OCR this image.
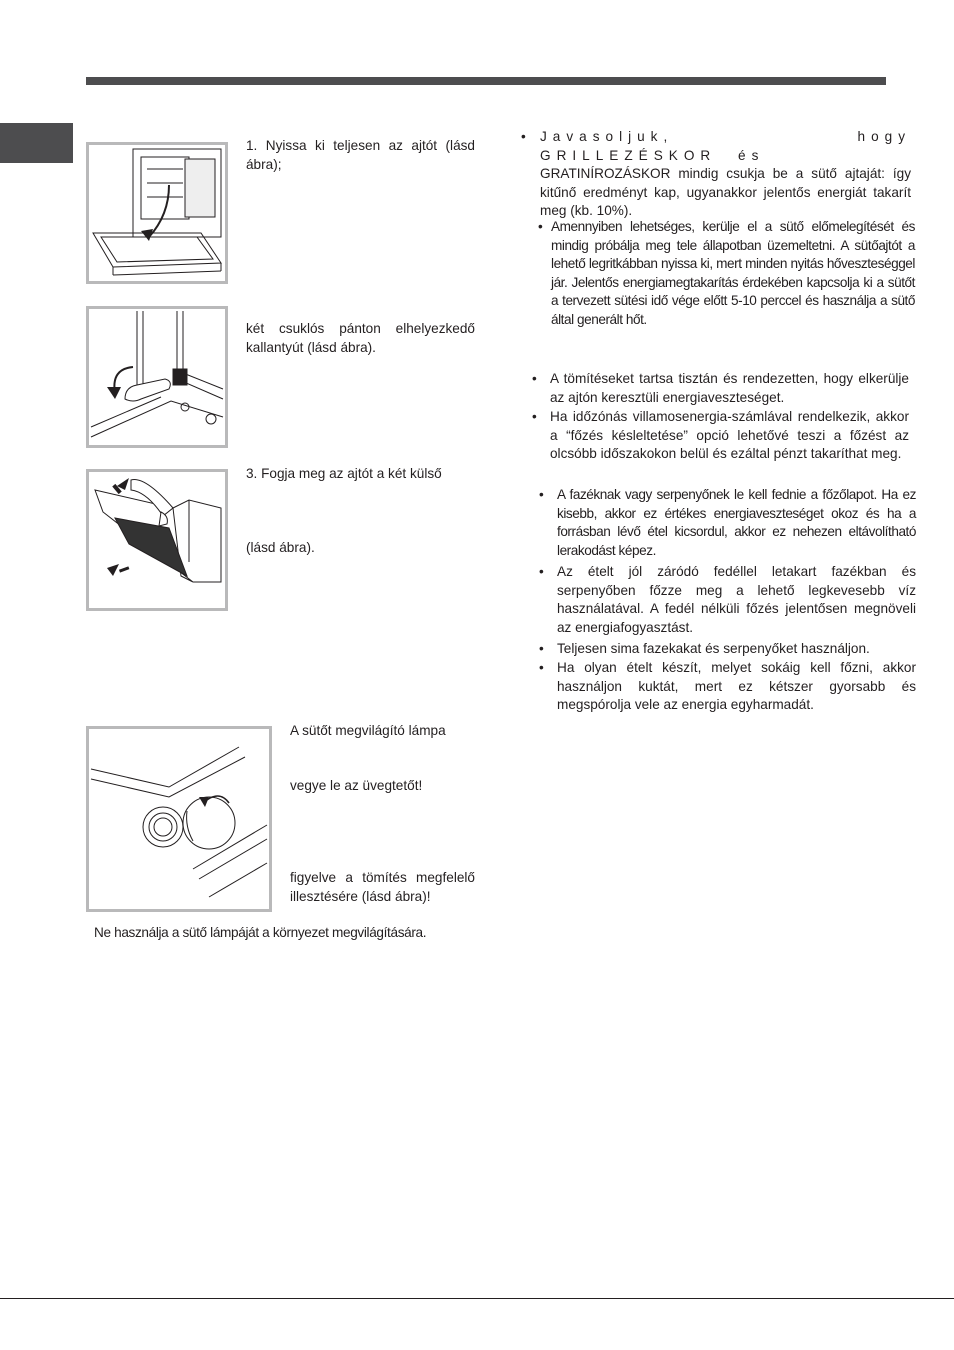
1. Nyissa ki teljesen az ajtót (lásd ábra);
két csuklós pánton elhelyezkedő kallantyút (lásd ábra).
3. Fogja meg az ajtót a két külső
(lásd ábra).
A sütőt megvilágító lámpa
vegye le az üvegtetőt!
figyelve a tömítés megfelelő illesztésére (lásd ábra)!
Ne használja a sütő lámpáját a környezet megvilágítására.
• Javasoljuk, hogy GRILLEZÉSKOR és
GRATINÍROZÁSKOR mindig csukja be a sütő ajtaját: így kitűnő eredményt kap, ugyanakkor jelentős energiát takarít meg (kb. 10%).
• Amennyiben lehetséges, kerülje el a sütő előmelegítését és mindig próbálja meg tele állapotban üzemeltetni. A sütőajtót a lehető legritkábban nyissa ki, mert minden nyitás hőveszteséggel jár. Jelentős energiamegtakarítás érdekében kapcsolja ki a sütőt a tervezett sütési idő vége előtt 5-10 perccel és használja a sütő által generált hőt.
• A tömítéseket tartsa tisztán és rendezetten, hogy elkerülje az ajtón keresztüli energiaveszteséget.
• Ha időzónás villamosenergia-számlával rendelkezik, akkor a “főzés késleltetése” opció lehetővé teszi a főzést az olcsóbb időszakokon belül és ezáltal pénzt takaríthat meg.
• A fazéknak vagy serpenyőnek le kell fednie a főzőlapot. Ha ez kisebb, akkor ez értékes energiaveszteséget okoz és ha a forrásban lévő étel kicsordul, akkor ez nehezen eltávolítható lerakodást képez.
• Az ételt jól záródó fedéllel letakart fazékban és serpenyőben főzze meg a lehető legkevesebb víz használatával. A fedél nélküli főzés jelentősen megnöveli az energiafogyasztást.
• Teljesen sima fazekakat és serpenyőket használjon.
• Ha olyan ételt készít, melyet sokáig kell főzni, akkor használjon kuktát, mert ez kétszer gyorsabb és megspórolja vele az energia egyharmadát.
